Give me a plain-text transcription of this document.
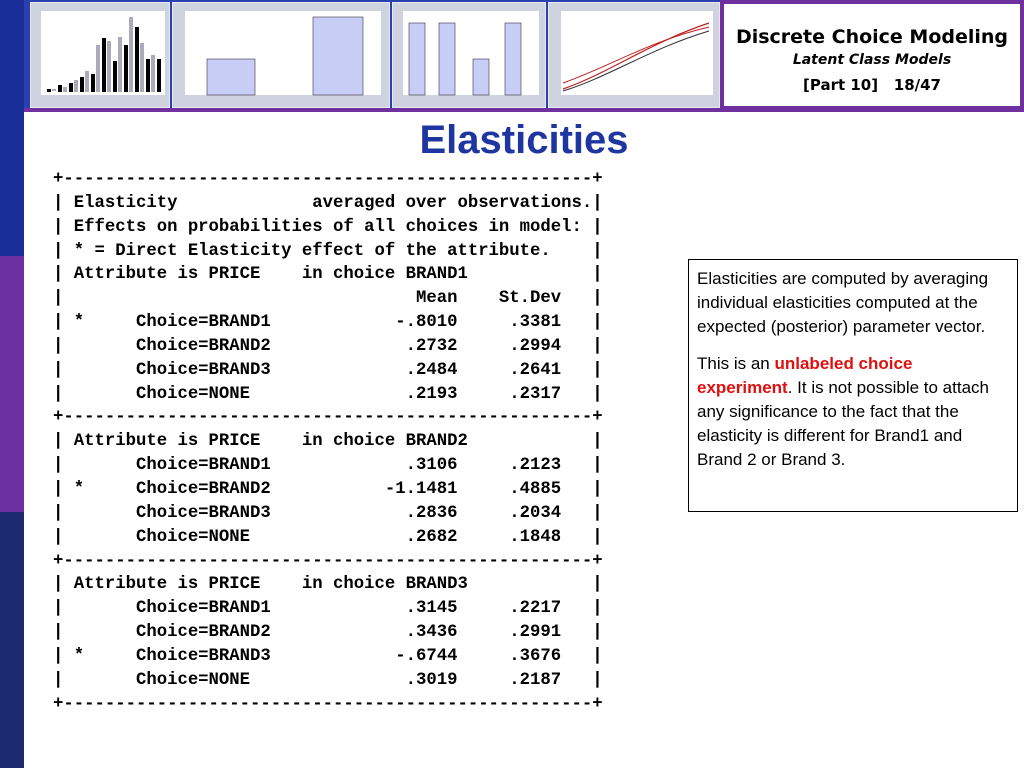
Discrete Choice Modeling
Latent Class Models
[Part 10]   18/47
Elasticities
+---------------------------------------------------+
| Elasticity             averaged over observations.|
| Effects on probabilities of all choices in model: |
| * = Direct Elasticity effect of the attribute.    |
| Attribute is PRICE    in choice BRAND1            |
|                                  Mean    St.Dev   |
| *     Choice=BRAND1            -.8010     .3381   |
|       Choice=BRAND2             .2732     .2994   |
|       Choice=BRAND3             .2484     .2641   |
|       Choice=NONE               .2193     .2317   |
+---------------------------------------------------+
| Attribute is PRICE    in choice BRAND2            |
|       Choice=BRAND1             .3106     .2123   |
| *     Choice=BRAND2           -1.1481     .4885   |
|       Choice=BRAND3             .2836     .2034   |
|       Choice=NONE               .2682     .1848   |
+---------------------------------------------------+
| Attribute is PRICE    in choice BRAND3            |
|       Choice=BRAND1             .3145     .2217   |
|       Choice=BRAND2             .3436     .2991   |
| *     Choice=BRAND3            -.6744     .3676   |
|       Choice=NONE               .3019     .2187   |
+---------------------------------------------------+

Elasticities are computed by averaging individual elasticities computed at the expected (posterior) parameter vector.

This is an unlabeled choice experiment. It is not possible to attach any significance to the fact that the elasticity is different for Brand1 and Brand 2 or Brand 3.
